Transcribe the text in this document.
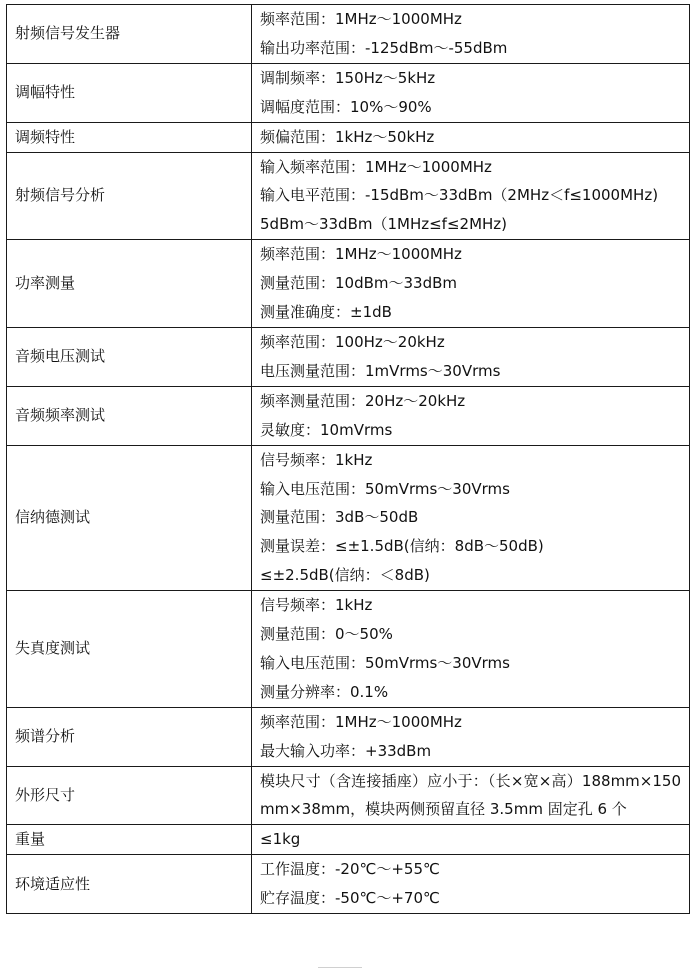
射频信号发生器	频率范围：1MHz～1000MHz
输出功率范围：-125dBm～-55dBm

调幅特性	调制频率：150Hz～5kHz
调幅度范围：10%～90%

调频特性	频偏范围：1kHz～50kHz

射频信号分析	输入频率范围：1MHz～1000MHz
输入电平范围：-15dBm～33dBm（2MHz＜f≤1000MHz)
5dBm～33dBm（1MHz≤f≤2MHz)

功率测量	频率范围：1MHz～1000MHz
测量范围：10dBm～33dBm
测量准确度：±1dB

音频电压测试	频率范围：100Hz～20kHz
电压测量范围：1mVrms～30Vrms

音频频率测试	频率测量范围：20Hz～20kHz
灵敏度：10mVrms

信纳德测试	信号频率：1kHz
输入电压范围：50mVrms～30Vrms
测量范围：3dB～50dB
测量误差：≤±1.5dB(信纳：8dB～50dB)
≤±2.5dB(信纳：＜8dB)

失真度测试	信号频率：1kHz
测量范围：0～50%
输入电压范围：50mVrms～30Vrms
测量分辨率：0.1%

频谱分析	频率范围：1MHz～1000MHz
最大输入功率：+33dBm

外形尺寸	模块尺寸（含连接插座）应小于：（长×宽×高）188mm×150mm×38mm，模块两侧预留直径 3.5mm 固定孔 6 个

重量	≤1kg

环境适应性	工作温度：-20℃～+55℃
贮存温度：-50℃～+70℃
